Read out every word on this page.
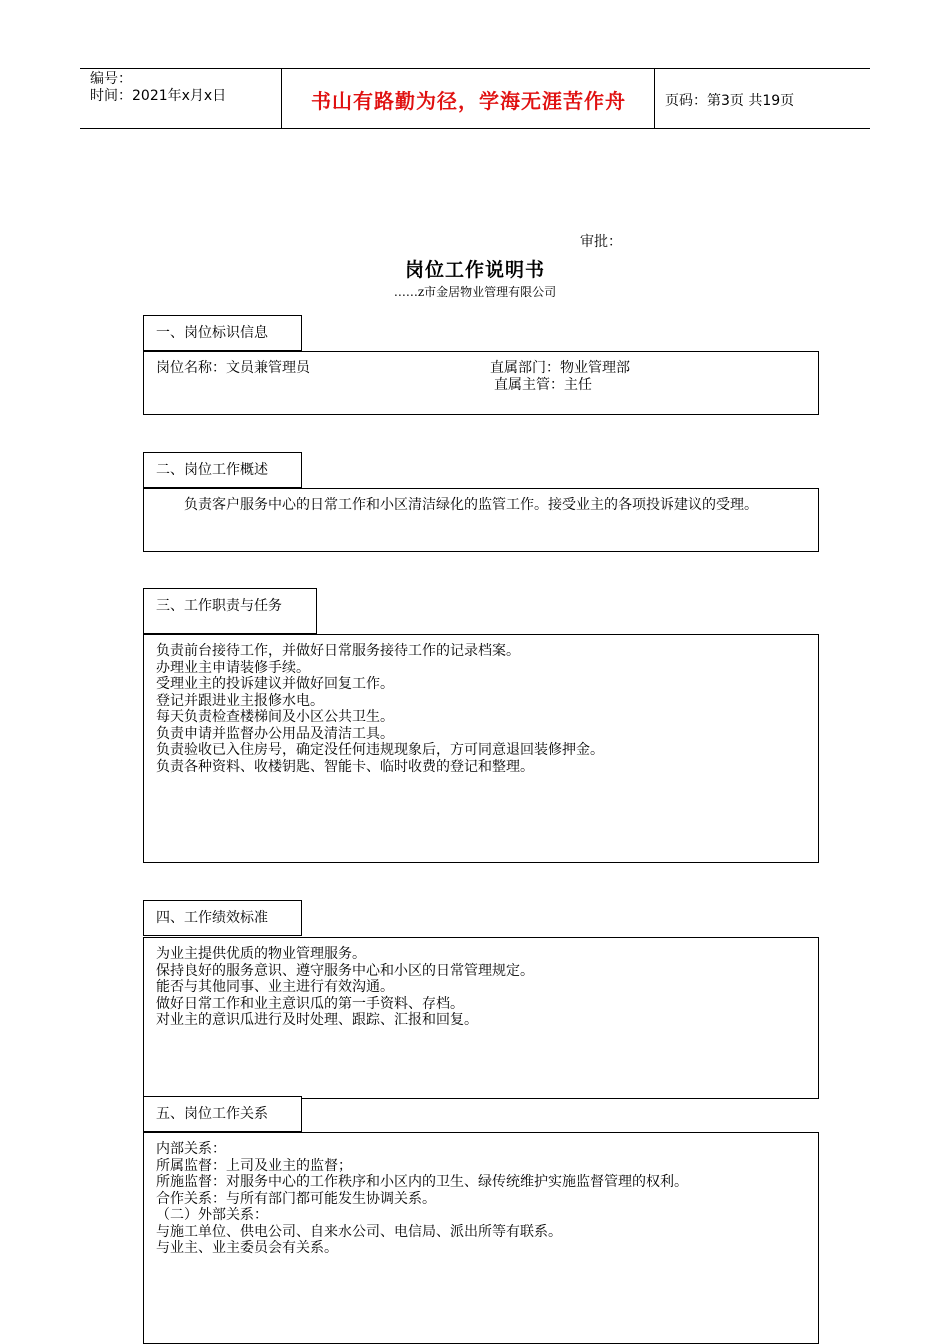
编号：
时间：2021年x月x日	书山有路勤为径，学海无涯苦作舟	页码：第3页 共19页
审批：
岗位工作说明书
……z市金居物业管理有限公司
一、岗位标识信息
岗位名称：文员兼管理员	直属部门：物业管理部
直属主管：主任
二、岗位工作概述
负责客户服务中心的日常工作和小区清洁绿化的监管工作。接受业主的各项投诉建议的受理。
三、工作职责与任务
负责前台接待工作，并做好日常服务接待工作的记录档案。
办理业主申请装修手续。
受理业主的投诉建议并做好回复工作。
登记并跟进业主报修水电。
每天负责检查楼梯间及小区公共卫生。
负责申请并监督办公用品及清洁工具。
负责验收已入住房号，确定没任何违规现象后，方可同意退回装修押金。
负责各种资料、收楼钥匙、智能卡、临时收费的登记和整理。
四、工作绩效标准
为业主提供优质的物业管理服务。
保持良好的服务意识、遵守服务中心和小区的日常管理规定。
能否与其他同事、业主进行有效沟通。
做好日常工作和业主意识瓜的第一手资料、存档。
对业主的意识瓜进行及时处理、跟踪、汇报和回复。
五、岗位工作关系
内部关系：
所属监督：上司及业主的监督；
所施监督：对服务中心的工作秩序和小区内的卫生、绿传统维护实施监督管理的权利。
合作关系：与所有部门都可能发生协调关系。
（二）外部关系：
与施工单位、供电公司、自来水公司、电信局、派出所等有联系。
与业主、业主委员会有关系。
